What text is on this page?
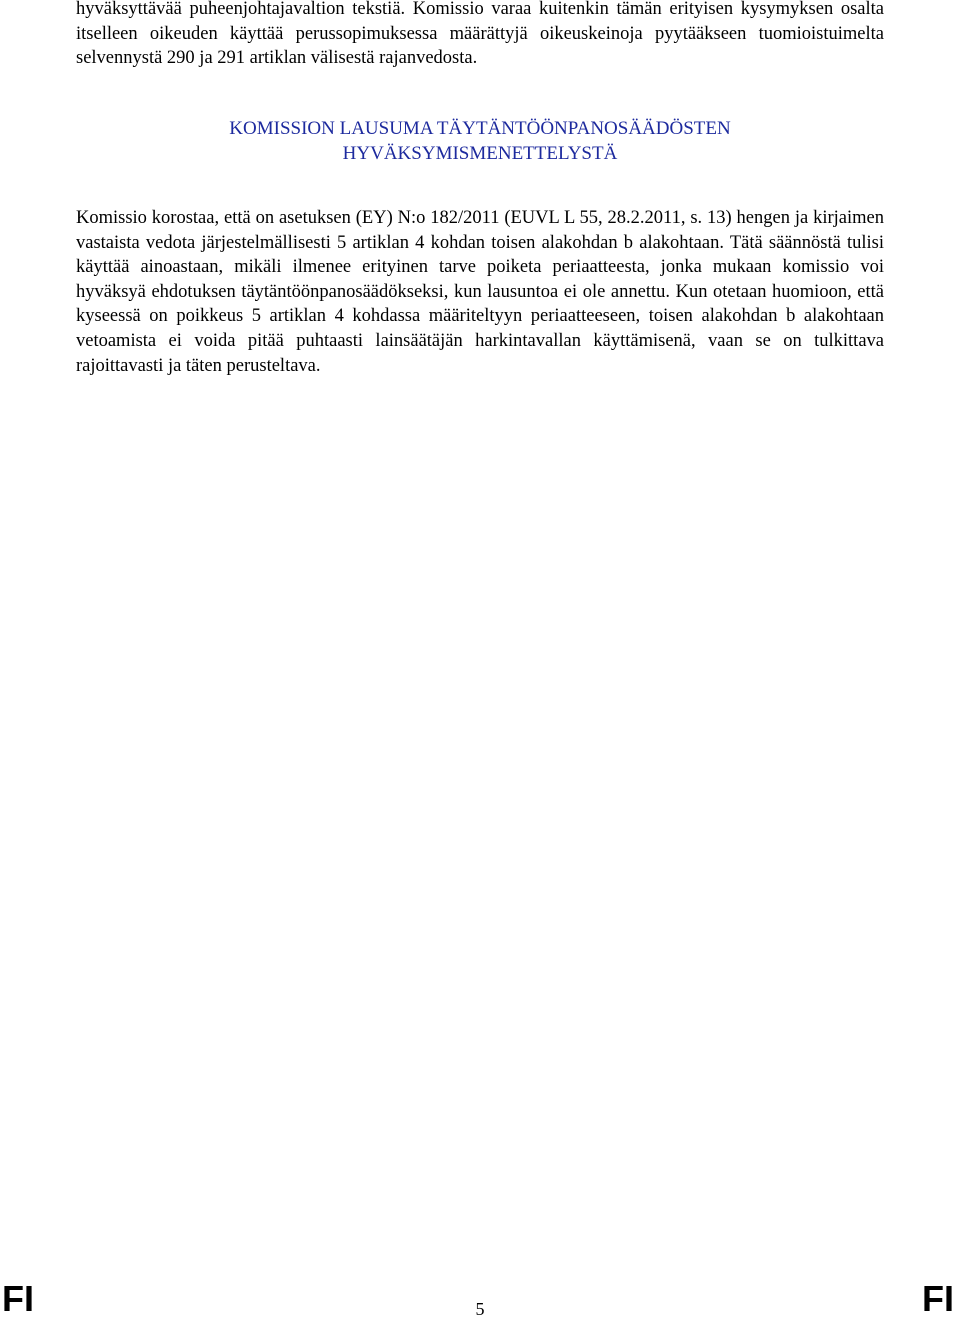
hyväksyttävää puheenjohtajavaltion tekstiä. Komissio varaa kuitenkin tämän erityisen kysymyksen osalta itselleen oikeuden käyttää perussopimuksessa määrättyjä oikeuskeinoja pyytääkseen tuomioistuimelta selvennystä 290 ja 291 artiklan välisestä rajanvedosta.

KOMISSION LAUSUMA TÄYTÄNTÖÖNPANOSÄÄDÖSTEN
HYVÄKSYMISMENETTELYSTÄ

Komissio korostaa, että on asetuksen (EY) N:o 182/2011 (EUVL L 55, 28.2.2011, s. 13) hengen ja kirjaimen vastaista vedota järjestelmällisesti 5 artiklan 4 kohdan toisen alakohdan b alakohtaan. Tätä säännöstä tulisi käyttää ainoastaan, mikäli ilmenee erityinen tarve poiketa periaatteesta, jonka mukaan komissio voi hyväksyä ehdotuksen täytäntöönpanosäädökseksi, kun lausuntoa ei ole annettu. Kun otetaan huomioon, että kyseessä on poikkeus 5 artiklan 4 kohdassa määriteltyyn periaatteeseen, toisen alakohdan b alakohtaan vetoamista ei voida pitää puhtaasti lainsäätäjän harkintavallan käyttämisenä, vaan se on tulkittava rajoittavasti ja täten perusteltava.

FI	5	FI
